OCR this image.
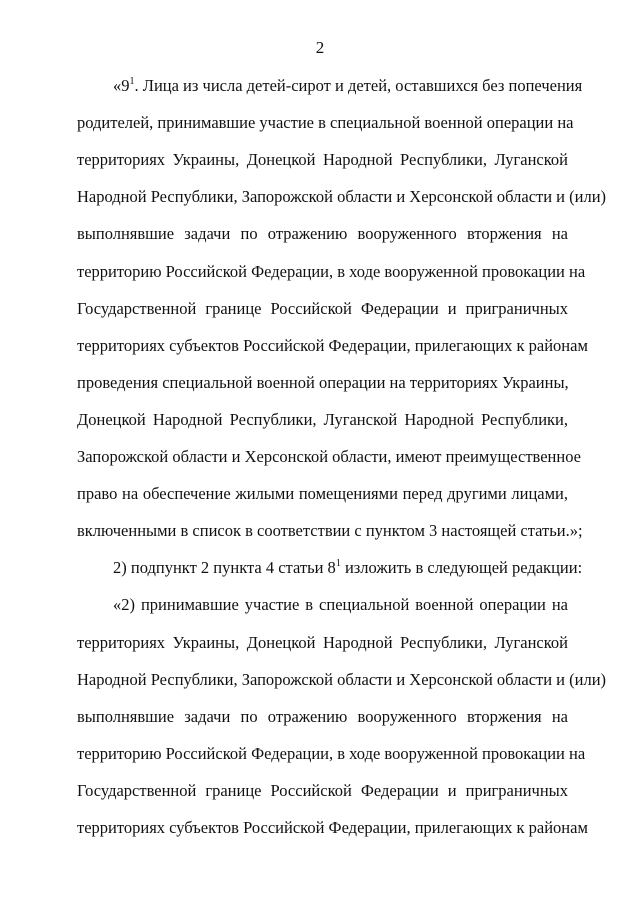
2
«$9^1$. Лица из числа детей-сирот и детей, оставшихся без попечения
родителей, принимавшие участие в специальной военной операции на
территориях Украины, Донецкой Народной Республики, Луганской
Народной Республики, Запорожской области и Херсонской области и (или)
выполнявшие задачи по отражению вооруженного вторжения на
территорию Российской Федерации, в ходе вооруженной провокации на
Государственной границе Российской Федерации и приграничных
территориях субъектов Российской Федерации, прилегающих к районам
проведения специальной военной операции на территориях Украины,
Донецкой Народной Республики, Луганской Народной Республики,
Запорожской области и Херсонской области, имеют преимущественное
право на обеспечение жилыми помещениями перед другими лицами,
включенными в список в соответствии с пунктом 3 настоящей статьи.»;
2) подпункт 2 пункта 4 статьи $8^1$ изложить в следующей редакции:
«2) принимавшие участие в специальной военной операции на
территориях Украины, Донецкой Народной Республики, Луганской
Народной Республики, Запорожской области и Херсонской области и (или)
выполнявшие задачи по отражению вооруженного вторжения на
территорию Российской Федерации, в ходе вооруженной провокации на
Государственной границе Российской Федерации и приграничных
территориях субъектов Российской Федерации, прилегающих к районам
